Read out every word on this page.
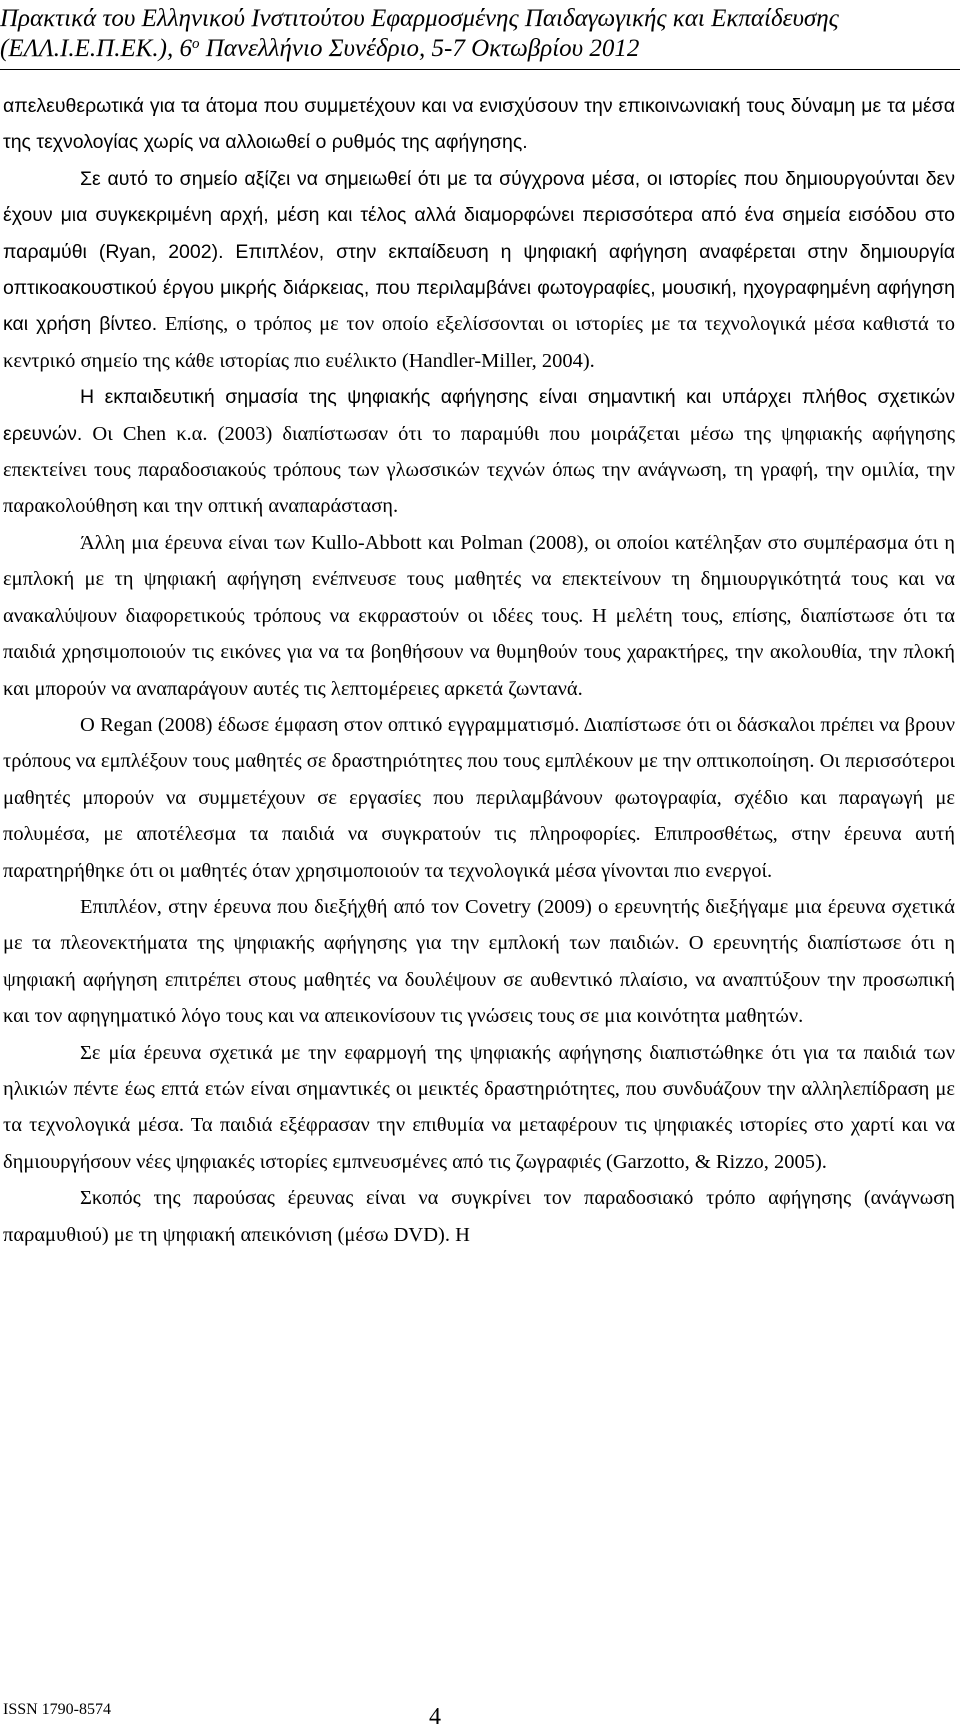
Πρακτικά του Ελληνικού Ινστιτούτου Εφαρμοσμένης Παιδαγωγικής και Εκπαίδευσης
(ΕΛΛ.Ι.Ε.Π.ΕΚ.), $6^o$ Πανελλήνιο Συνέδριο, 5-7 Οκτωβρίου 2012

απελευθερωτικά για τα άτομα που συμμετέχουν και να ενισχύσουν την επικοινωνιακή τους δύναμη με τα μέσα της τεχνολογίας χωρίς να αλλοιωθεί ο ρυθμός της αφήγησης.

Σε αυτό το σημείο αξίζει να σημειωθεί ότι με τα σύγχρονα μέσα, οι ιστορίες που δημιουργούνται δεν έχουν μια συγκεκριμένη αρχή, μέση και τέλος αλλά διαμορφώνει περισσότερα από ένα σημεία εισόδου στο παραμύθι (Ryan, 2002). Επιπλέον, στην εκπαίδευση η ψηφιακή αφήγηση αναφέρεται στην δημιουργία οπτικοακουστικού έργου μικρής διάρκειας, που περιλαμβάνει φωτογραφίες, μουσική, ηχογραφημένη αφήγηση και χρήση βίντεο. Επίσης, ο τρόπος με τον οποίο εξελίσσονται οι ιστορίες με τα τεχνολογικά μέσα καθιστά το κεντρικό σημείο της κάθε ιστορίας πιο ευέλικτο (Handler-Miller, 2004).

Η εκπαιδευτική σημασία της ψηφιακής αφήγησης είναι σημαντική και υπάρχει πλήθος σχετικών ερευνών. Οι Chen κ.α. (2003) διαπίστωσαν ότι το παραμύθι που μοιράζεται μέσω της ψηφιακής αφήγησης επεκτείνει τους παραδοσιακούς τρόπους των γλωσσικών τεχνών όπως την ανάγνωση, τη γραφή, την ομιλία, την παρακολούθηση και την οπτική αναπαράσταση.

Άλλη μια έρευνα είναι των Kullo-Abbott και Polman (2008), οι οποίοι κατέληξαν στο συμπέρασμα ότι η εμπλοκή με τη ψηφιακή αφήγηση ενέπνευσε τους μαθητές να επεκτείνουν τη δημιουργικότητά τους και να ανακαλύψουν διαφορετικούς τρόπους να εκφραστούν οι ιδέες τους. Η μελέτη τους, επίσης, διαπίστωσε ότι τα παιδιά χρησιμοποιούν τις εικόνες για να τα βοηθήσουν να θυμηθούν τους χαρακτήρες, την ακολουθία, την πλοκή και μπορούν να αναπαράγουν αυτές τις λεπτομέρειες αρκετά ζωντανά.

Ο Regan (2008) έδωσε έμφαση στον οπτικό εγγραμματισμό. Διαπίστωσε ότι οι δάσκαλοι πρέπει να βρουν τρόπους να εμπλέξουν τους μαθητές σε δραστηριότητες που τους εμπλέκουν με την οπτικοποίηση. Οι περισσότεροι μαθητές μπορούν να συμμετέχουν σε εργασίες που περιλαμβάνουν φωτογραφία, σχέδιο και παραγωγή με πολυμέσα, με αποτέλεσμα τα παιδιά να συγκρατούν τις πληροφορίες. Επιπροσθέτως, στην έρευνα αυτή παρατηρήθηκε ότι οι μαθητές όταν χρησιμοποιούν τα τεχνολογικά μέσα γίνονται πιο ενεργοί.

Επιπλέον, στην έρευνα που διεξήχθή από τον Covetry (2009) ο ερευνητής διεξήγαμε μια έρευνα σχετικά με τα πλεονεκτήματα της ψηφιακής αφήγησης για την εμπλοκή των παιδιών. Ο ερευνητής διαπίστωσε ότι η ψηφιακή αφήγηση επιτρέπει στους μαθητές να δουλέψουν σε αυθεντικό πλαίσιο, να αναπτύξουν την προσωπική και τον αφηγηματικό λόγο τους και να απεικονίσουν τις γνώσεις τους σε μια κοινότητα μαθητών.

Σε μία έρευνα σχετικά με την εφαρμογή της ψηφιακής αφήγησης διαπιστώθηκε ότι για τα παιδιά των ηλικιών πέντε έως επτά ετών είναι σημαντικές οι μεικτές δραστηριότητες, που συνδυάζουν την αλληλεπίδραση με τα τεχνολογικά μέσα. Τα παιδιά εξέφρασαν την επιθυμία να μεταφέρουν τις ψηφιακές ιστορίες στο χαρτί και να δημιουργήσουν νέες ψηφιακές ιστορίες εμπνευσμένες από τις ζωγραφιές (Garzotto, & Rizzo, 2005).

Σκοπός της παρούσας έρευνας είναι να συγκρίνει τον παραδοσιακό τρόπο αφήγησης (ανάγνωση παραμυθιού) με τη ψηφιακή απεικόνιση (μέσω DVD). Η

ISSN 1790-8574	4
